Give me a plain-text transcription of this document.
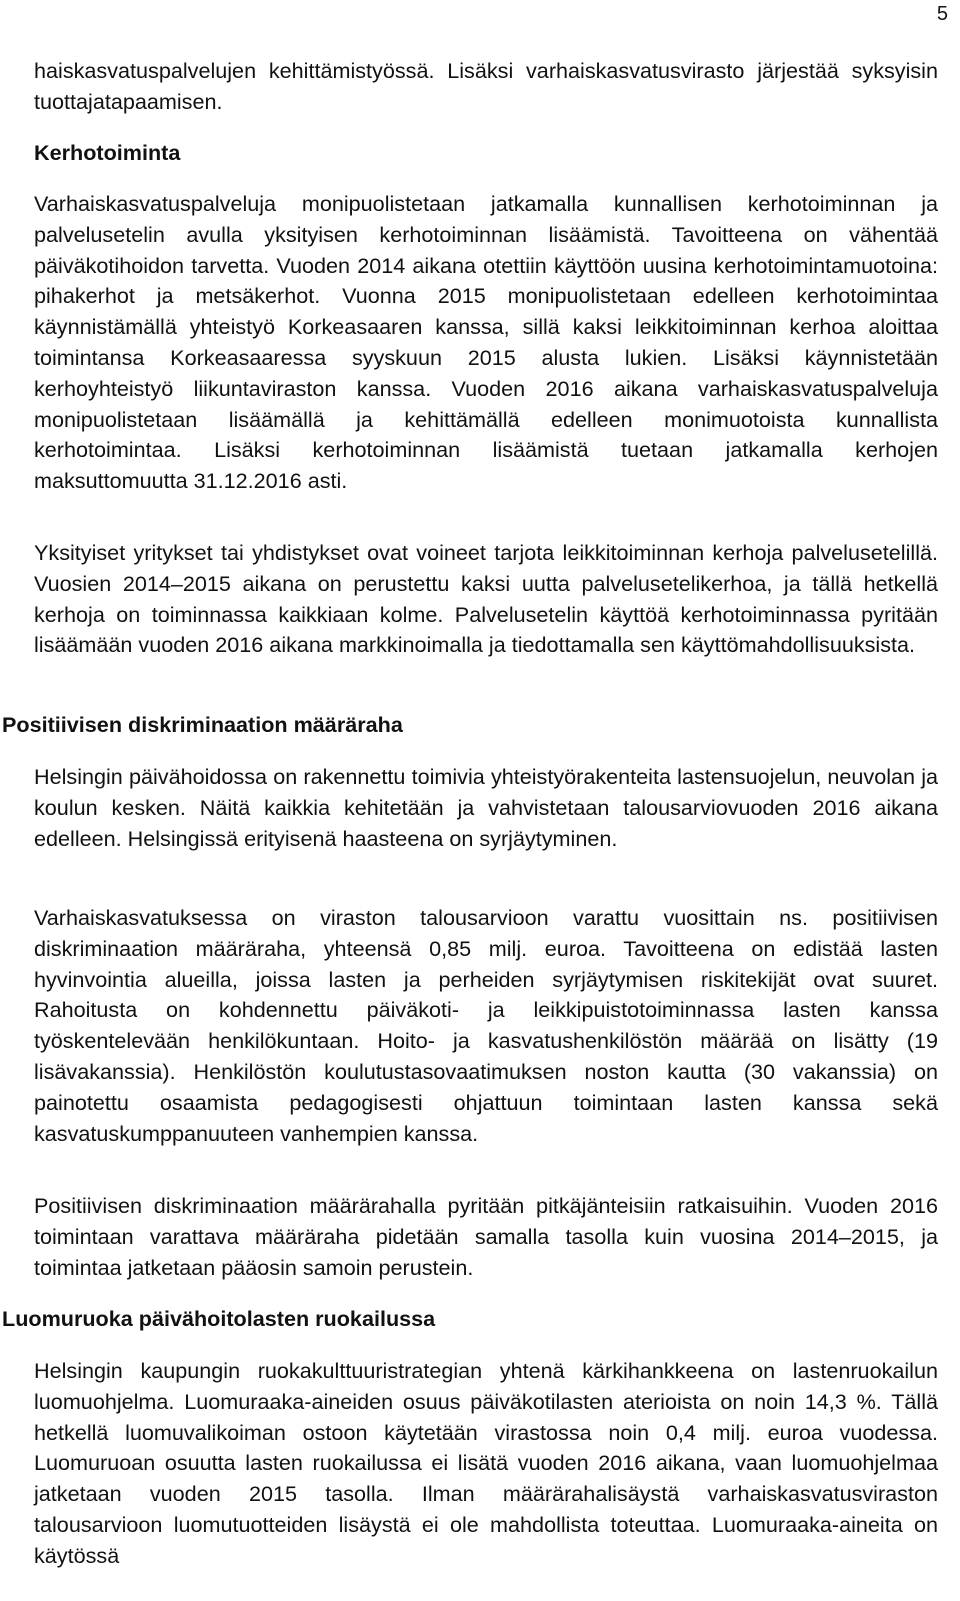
5

haiskasvatuspalvelujen kehittämistyössä. Lisäksi varhaiskasvatusvirasto järjestää syksyisin tuottajatapaamisen.

Kerhotoiminta

Varhaiskasvatuspalveluja monipuolistetaan jatkamalla kunnallisen kerhotoiminnan ja palvelusetelin avulla yksityisen kerhotoiminnan lisäämistä. Tavoitteena on vähentää päiväkotihoidon tarvetta. Vuoden 2014 aikana otettiin käyttöön uusina kerhotoimintamuotoina: pihakerhot ja metsäkerhot. Vuonna 2015 monipuolistetaan edelleen kerhotoimintaa käynnistämällä yhteistyö Korkeasaaren kanssa, sillä kaksi leikkitoiminnan kerhoa aloittaa toimintansa Korkeasaaressa syyskuun 2015 alusta lukien. Lisäksi käynnistetään kerhoyhteistyö liikuntaviraston kanssa. Vuoden 2016 aikana varhaiskasvatuspalveluja monipuolistetaan lisäämällä ja kehittämällä edelleen monimuotoista kunnallista kerhotoimintaa. Lisäksi kerhotoiminnan lisäämistä tuetaan jatkamalla kerhojen maksuttomuutta 31.12.2016 asti.

Yksityiset yritykset tai yhdistykset ovat voineet tarjota leikkitoiminnan kerhoja palvelusetelillä. Vuosien 2014–2015 aikana on perustettu kaksi uutta palvelusetelikerhoa, ja tällä hetkellä kerhoja on toiminnassa kaikkiaan kolme. Palvelusetelin käyttöä kerhotoiminnassa pyritään lisäämään vuoden 2016 aikana markkinoimalla ja tiedottamalla sen käyttömahdollisuuksista.

Positiivisen diskriminaation määräraha

Helsingin päivähoidossa on rakennettu toimivia yhteistyörakenteita lastensuojelun, neuvolan ja koulun kesken. Näitä kaikkia kehitetään ja vahvistetaan talousarviovuoden 2016 aikana edelleen. Helsingissä erityisenä haasteena on syrjäytyminen.

Varhaiskasvatuksessa on viraston talousarvioon varattu vuosittain ns. positiivisen diskriminaation määräraha, yhteensä 0,85 milj. euroa. Tavoitteena on edistää lasten hyvinvointia alueilla, joissa lasten ja perheiden syrjäytymisen riskitekijät ovat suuret. Rahoitusta on kohdennettu päiväkoti- ja leikkipuistotoiminnassa lasten kanssa työskentelevään henkilökuntaan. Hoito- ja kasvatushenkilöstön määrää on lisätty (19 lisävakanssia). Henkilöstön koulutustasovaatimuksen noston kautta (30 vakanssia) on painotettu osaamista pedagogisesti ohjattuun toimintaan lasten kanssa sekä kasvatuskumppanuuteen vanhempien kanssa.

Positiivisen diskriminaation määrärahalla pyritään pitkäjänteisiin ratkaisuihin. Vuoden 2016 toimintaan varattava määräraha pidetään samalla tasolla kuin vuosina 2014–2015, ja toimintaa jatketaan pääosin samoin perustein.

Luomuruoka päivähoitolasten ruokailussa

Helsingin kaupungin ruokakulttuuristrategian yhtenä kärkihankkeena on lastenruokailun luomuohjelma. Luomuraaka-aineiden osuus päiväkotilasten aterioista on noin 14,3 %. Tällä hetkellä luomuvalikoiman ostoon käytetään virastossa noin 0,4 milj. euroa vuodessa. Luomuruoan osuutta lasten ruokailussa ei lisätä vuoden 2016 aikana, vaan luomuohjelmaa jatketaan vuoden 2015 tasolla. Ilman määrärahalisäystä varhaiskasvatusviraston talousarvioon luomutuotteiden lisäystä ei ole mahdollista toteuttaa. Luomuraaka-aineita on käytössä
